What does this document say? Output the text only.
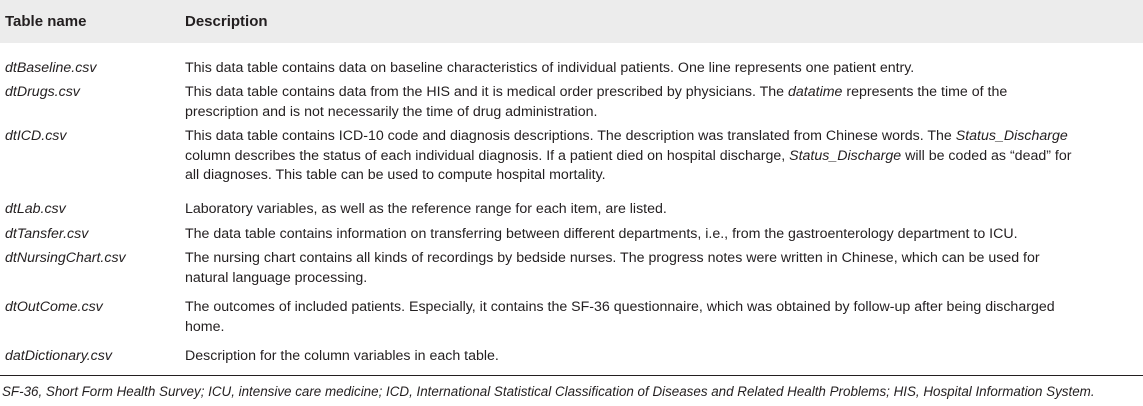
Table name	Description
dtBaseline.csv	This data table contains data on baseline characteristics of individual patients. One line represents one patient entry.
dtDrugs.csv	This data table contains data from the HIS and it is medical order prescribed by physicians. The datatime represents the time of the
prescription and is not necessarily the time of drug administration.
dtICD.csv	This data table contains ICD-10 code and diagnosis descriptions. The description was translated from Chinese words. The Status_Discharge
column describes the status of each individual diagnosis. If a patient died on hospital discharge, Status_Discharge will be coded as “dead” for
all diagnoses. This table can be used to compute hospital mortality.
dtLab.csv	Laboratory variables, as well as the reference range for each item, are listed.
dtTansfer.csv	The data table contains information on transferring between different departments, i.e., from the gastroenterology department to ICU.
dtNursingChart.csv	The nursing chart contains all kinds of recordings by bedside nurses. The progress notes were written in Chinese, which can be used for
natural language processing.
dtOutCome.csv	The outcomes of included patients. Especially, it contains the SF-36 questionnaire, which was obtained by follow-up after being discharged
home.
datDictionary.csv	Description for the column variables in each table.
SF-36, Short Form Health Survey; ICU, intensive care medicine; ICD, International Statistical Classification of Diseases and Related Health Problems; HIS, Hospital Information System.
